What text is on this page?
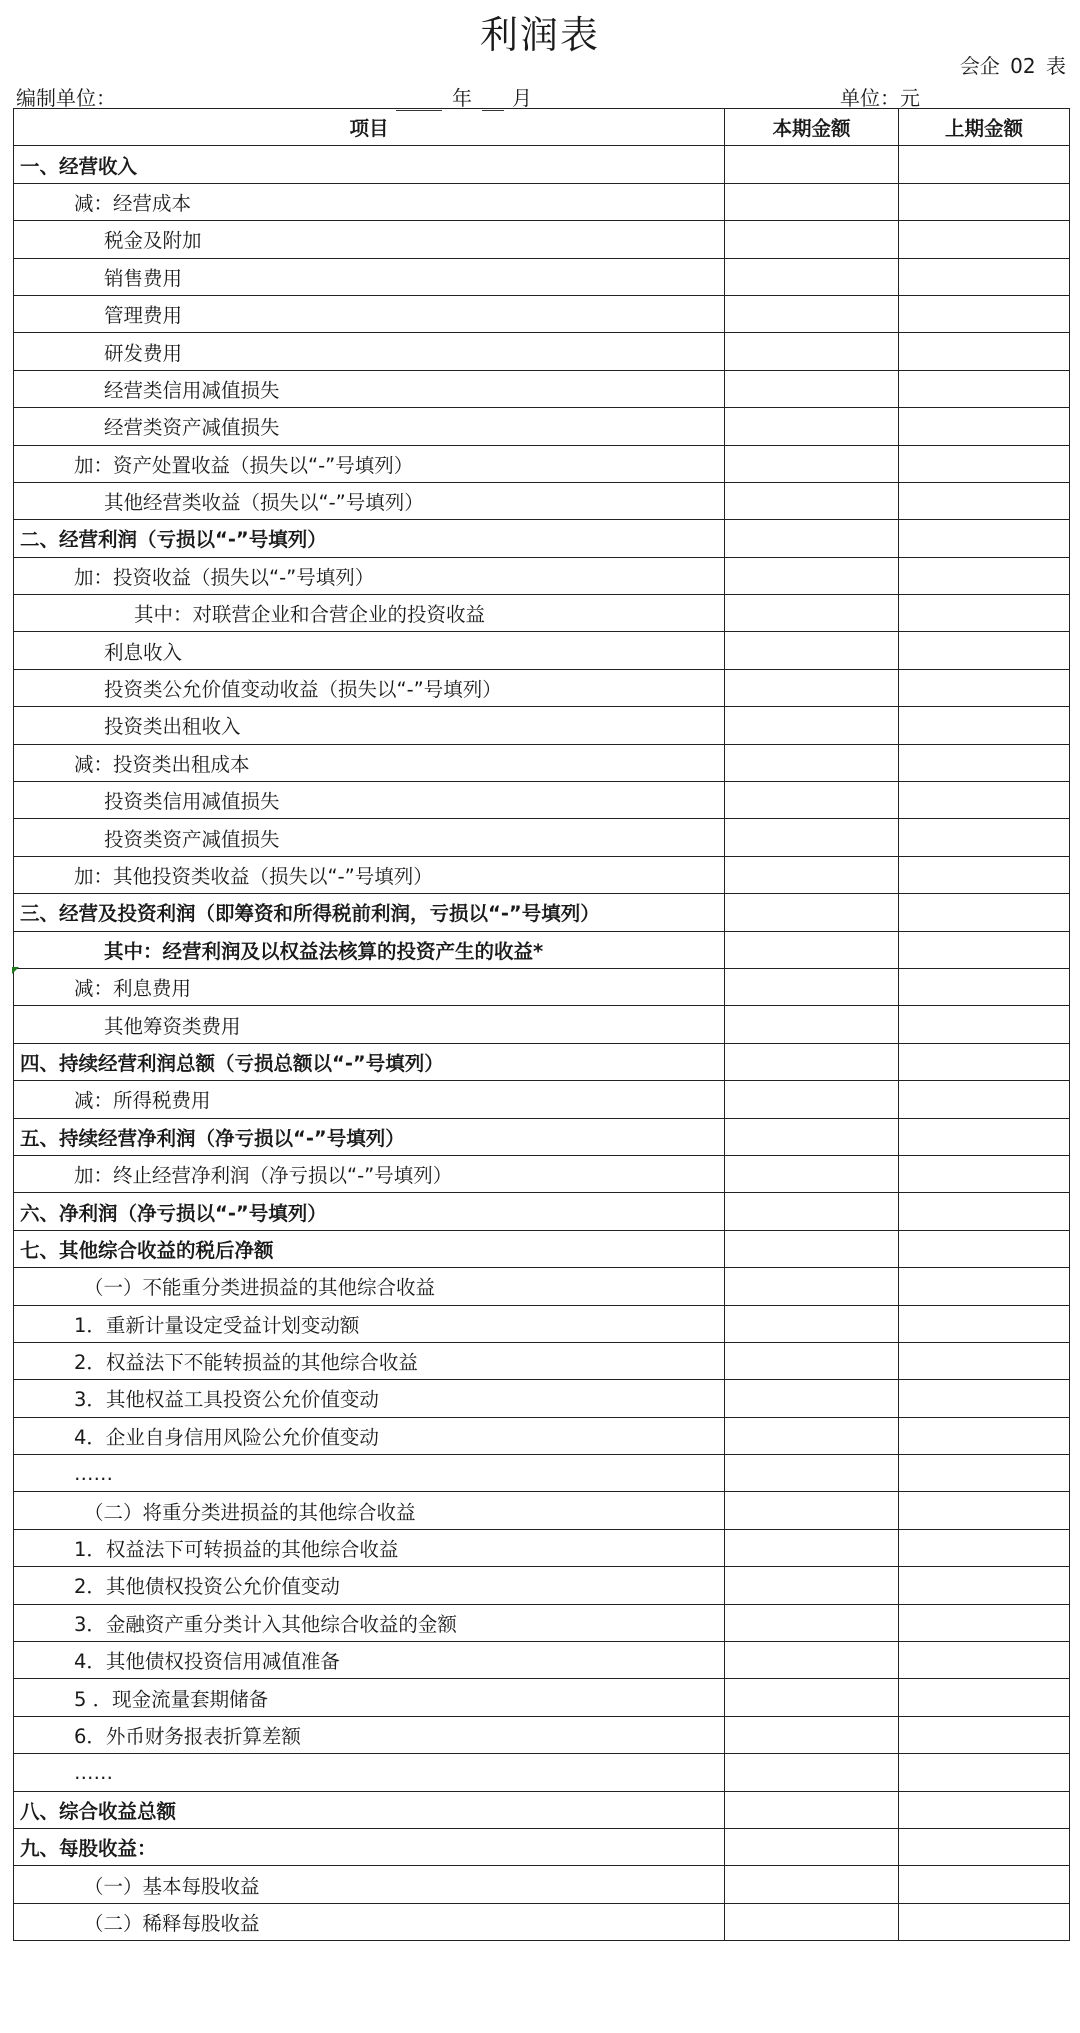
利润表
会企 02 表
编制单位：	年 月	单位：元
项目	本期金额	上期金额
一、经营收入		
减：经营成本		
税金及附加		
销售费用		
管理费用		
研发费用		
经营类信用减值损失		
经营类资产减值损失		
加：资产处置收益（损失以“-”号填列）		
其他经营类收益（损失以“-”号填列）		
二、经营利润（亏损以“-”号填列）		
加：投资收益（损失以“-”号填列）		
其中：对联营企业和合营企业的投资收益		
利息收入		
投资类公允价值变动收益（损失以“-”号填列）		
投资类出租收入		
减：投资类出租成本		
投资类信用减值损失		
投资类资产减值损失		
加：其他投资类收益（损失以“-”号填列）		
三、经营及投资利润（即筹资和所得税前利润，亏损以“-”号填列）		
其中：经营利润及以权益法核算的投资产生的收益*		
减：利息费用		
其他筹资类费用		
四、持续经营利润总额（亏损总额以“-”号填列）		
减：所得税费用		
五、持续经营净利润（净亏损以“-”号填列）		
加：终止经营净利润（净亏损以“-”号填列）		
六、净利润（净亏损以“-”号填列）		
七、其他综合收益的税后净额		
（一）不能重分类进损益的其他综合收益		
1．重新计量设定受益计划变动额		
2．权益法下不能转损益的其他综合收益		
3．其他权益工具投资公允价值变动		
4．企业自身信用风险公允价值变动		
……		
（二）将重分类进损益的其他综合收益		
1．权益法下可转损益的其他综合收益		
2．其他债权投资公允价值变动		
3．金融资产重分类计入其他综合收益的金额		
4．其他债权投资信用减值准备		
5 ．现金流量套期储备		
6．外币财务报表折算差额		
……		
八、综合收益总额		
九、每股收益：		
（一）基本每股收益		
（二）稀释每股收益		
